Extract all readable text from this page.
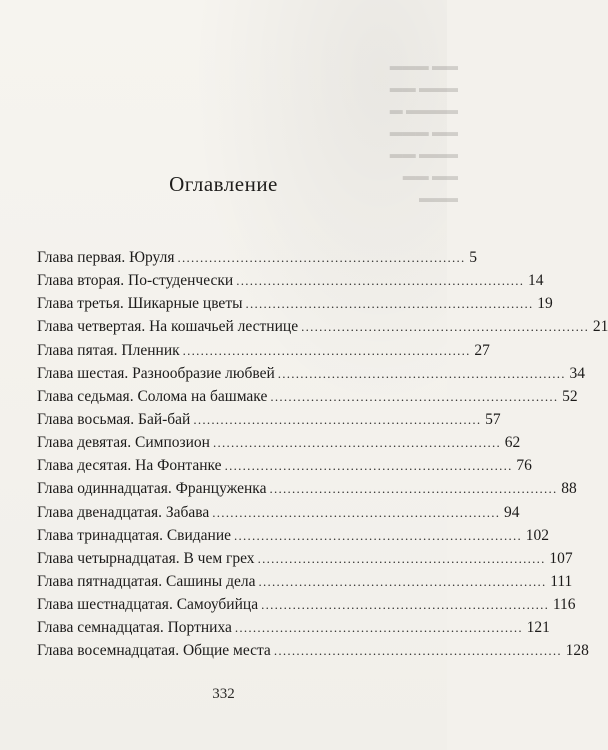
▬▬ ▬▬▬
▬▬▬ ▬▬
▬▬▬▬ ▬
▬▬ ▬▬▬
▬▬▬ ▬▬
▬▬ ▬▬
▬▬▬
Оглавление
Глава первая. Юруля . . .	5
Глава вторая. По-студенчески . . .	14
Глава третья. Шикарные цветы . . .	19
Глава четвертая. На кошачьей лестнице . . .	21
Глава пятая. Пленник . . .	27
Глава шестая. Разнообразие любвей . . .	34
Глава седьмая. Солома на башмаке . . .	52
Глава восьмая. Бай-бай . . .	57
Глава девятая. Симпозион . . .	62
Глава десятая. На Фонтанке . . .	76
Глава одиннадцатая. Француженка . . .	88
Глава двенадцатая. Забава . . .	94
Глава тринадцатая. Свидание . . .	102
Глава четырнадцатая. В чем грех . . .	107
Глава пятнадцатая. Сашины дела . . .	111
Глава шестнадцатая. Самоубийца . . .	116
Глава семнадцатая. Портниха . . .	121
Глава восемнадцатая. Общие места . . .	128
332
